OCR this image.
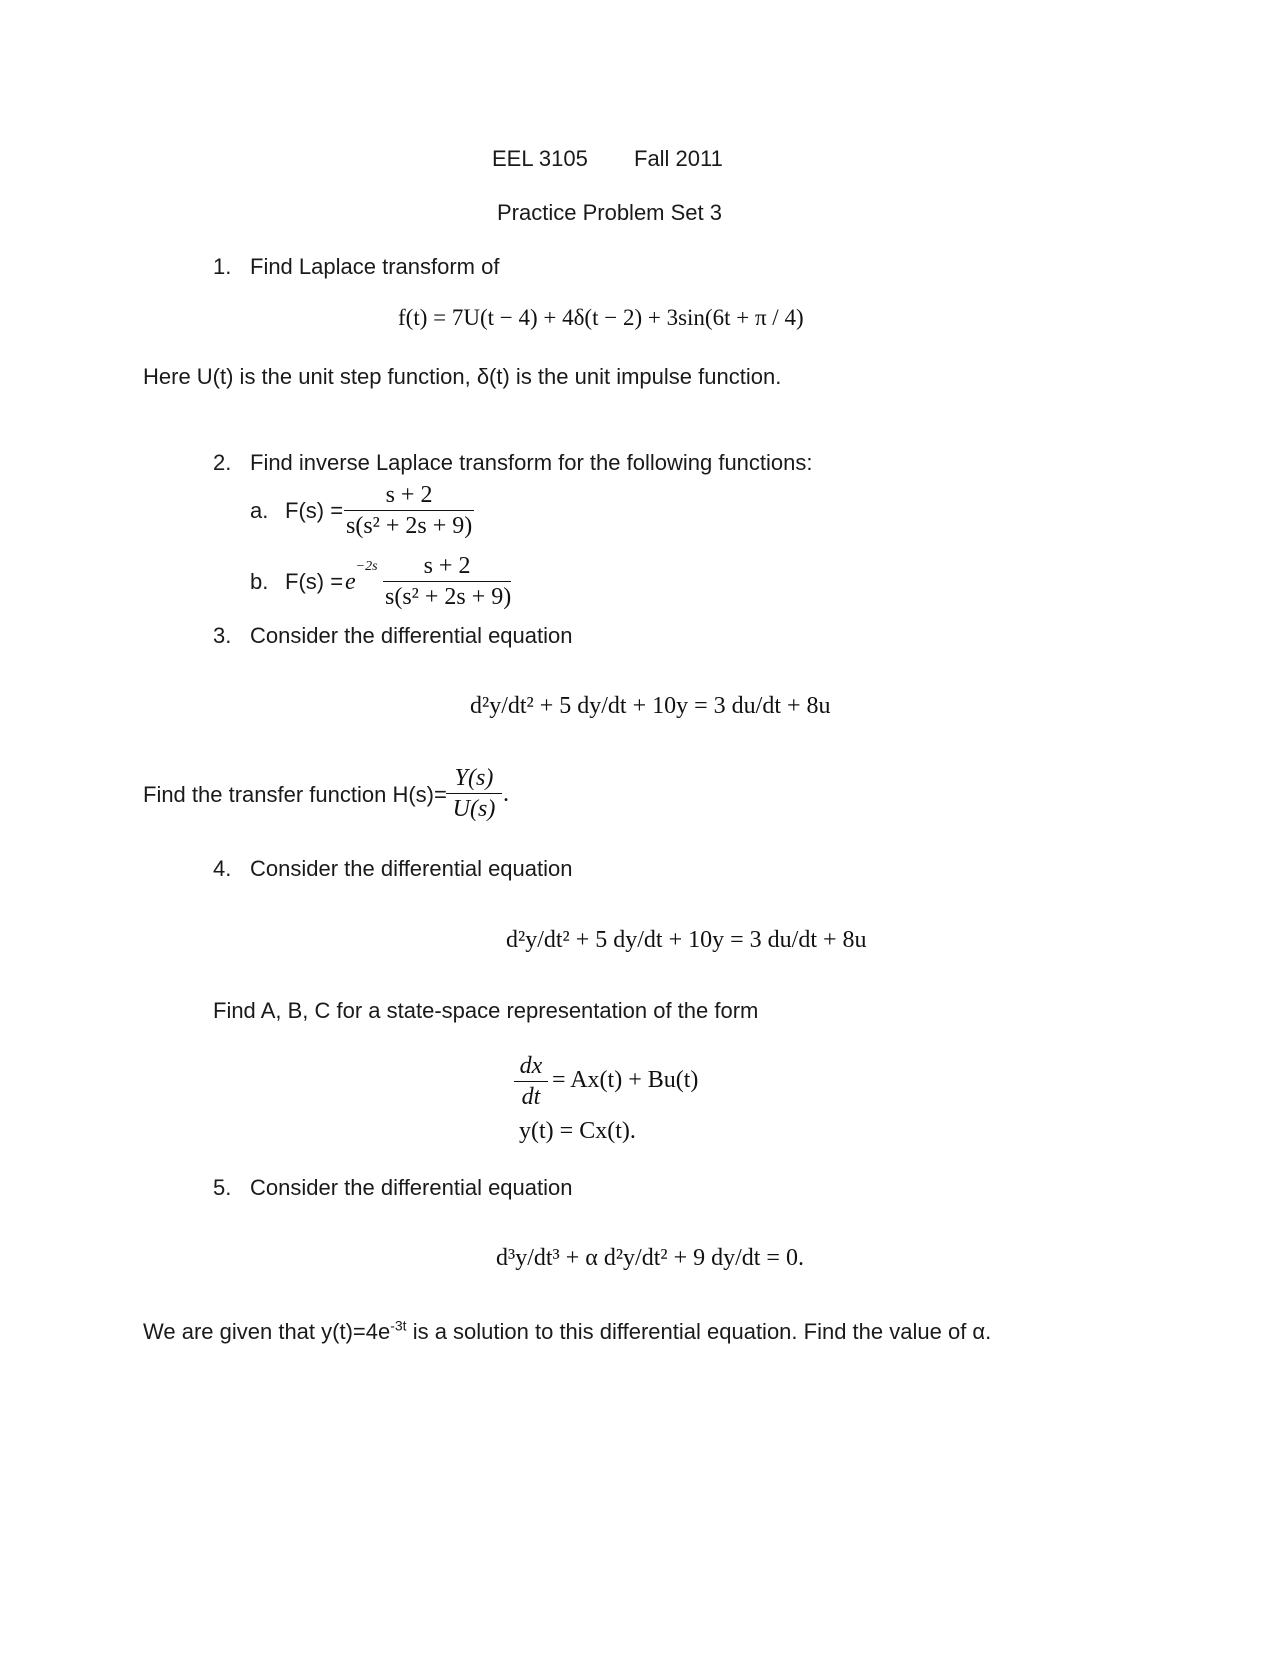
EEL 3105 Fall 2011
Practice Problem Set 3
1. Find Laplace transform of
f(t) = 7U(t − 4) + 4δ(t − 2) + 3sin(6t + π / 4)
Here U(t) is the unit step function, δ(t) is the unit impulse function.
2. Find inverse Laplace transform for the following functions:
a. F(s) =
s + 2
s(s² + 2s + 9)
b. $F(s) = e^{-2s}$	s + 2
s(s² + 2s + 9)
3. Consider the differential equation
d²y/dt² + 5 dy/dt + 10y = 3 du/dt + 8u
Find the transfer function H(s)=
Y(s)
U(s)
.
4. Consider the differential equation
d²y/dt² + 5 dy/dt + 10y = 3 du/dt + 8u
Find A, B, C for a state-space representation of the form
dx
dt
= Ax(t) + Bu(t)
y(t) = Cx(t).
5. Consider the differential equation
d³y/dt³ + α d²y/dt² + 9 dy/dt = 0.
We are given that $y(t)=4e^{-3t}$ is a solution to this differential equation. Find the value of α.
